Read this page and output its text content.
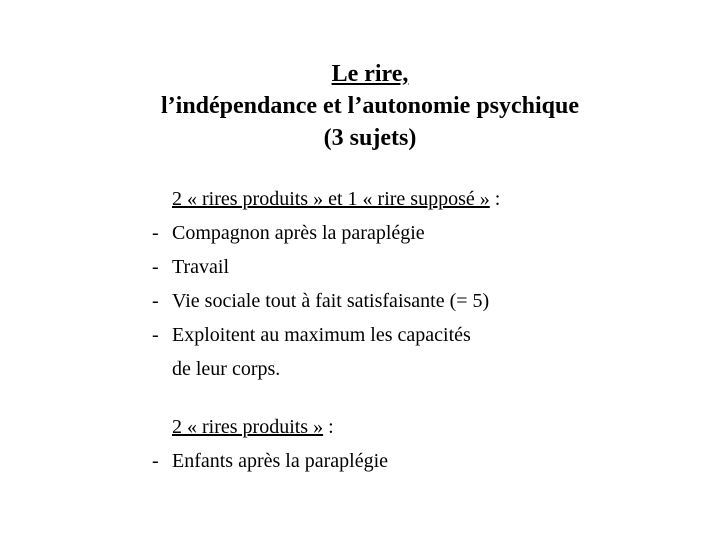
Le rire,
l’indépendance et l’autonomie psychique
(3 sujets)
2 « rires produits » et 1 « rire supposé » :
- Compagnon après la paraplégie
- Travail
- Vie sociale tout à fait satisfaisante (= 5)
- Exploitent au maximum les capacités
de leur corps.
2 « rires produits » :
- Enfants après la paraplégie
